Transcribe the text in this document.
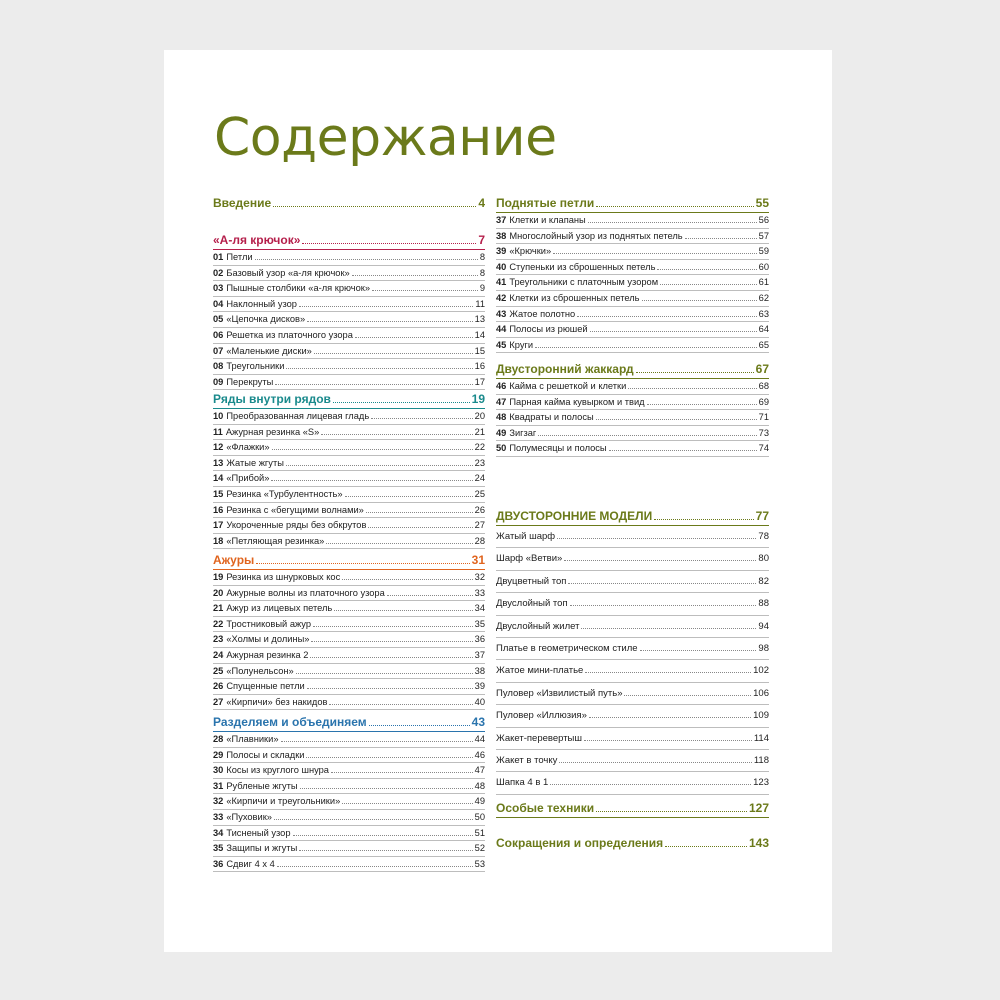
Содержание
Введение	4
«А-ля крючок»	7
01 Петли	8
02 Базовый узор «а-ля крючок»	8
03 Пышные столбики «а-ля крючок»	9
04 Наклонный узор	11
05 «Цепочка дисков»	13
06 Решетка из платочного узора	14
07 «Маленькие диски»	15
08 Треугольники	16
09 Перекруты	17
Ряды внутри рядов	19
10 Преобразованная лицевая гладь	20
11 Ажурная резинка «S»	21
12 «Флажки»	22
13 Жатые жгуты	23
14 «Прибой»	24
15 Резинка «Турбулентность»	25
16 Резинка с «бегущими волнами»	26
17 Укороченные ряды без обкрутов	27
18 «Петляющая резинка»	28
Ажуры	31
19 Резинка из шнурковых кос	32
20 Ажурные волны из платочного узора	33
21 Ажур из лицевых петель	34
22 Тростниковый ажур	35
23 «Холмы и долины»	36
24 Ажурная резинка 2	37
25 «Полунельсон»	38
26 Спущенные петли	39
27 «Кирпичи» без накидов	40
Разделяем и объединяем	43
28 «Плавники»	44
29 Полосы и складки	46
30 Косы из круглого шнура	47
31 Рубленые жгуты	48
32 «Кирпичи и треугольники»	49
33 «Пуховик»	50
34 Тисненый узор	51
35 Защипы и жгуты	52
36 Сдвиг 4 х 4	53
Поднятые петли	55
37 Клетки и клапаны	56
38 Многослойный узор из поднятых петель	57
39 «Крючки»	59
40 Ступеньки из сброшенных петель	60
41 Треугольники с платочным узором	61
42 Клетки из сброшенных петель	62
43 Жатое полотно	63
44 Полосы из рюшей	64
45 Круги	65
Двусторонний жаккард	67
46 Кайма с решеткой и клетки	68
47 Парная кайма кувырком и твид	69
48 Квадраты и полосы	71
49 Зигзаг	73
50 Полумесяцы и полосы	74
ДВУСТОРОННИЕ МОДЕЛИ	77
Жатый шарф	78
Шарф «Ветви»	80
Двуцветный топ	82
Двуслойный топ	88
Двуслойный жилет	94
Платье в геометрическом стиле	98
Жатое мини-платье	102
Пуловер «Извилистый путь»	106
Пуловер «Иллюзия»	109
Жакет-перевертыш	114
Жакет в точку	118
Шапка 4 в 1	123
Особые техники	127
Сокращения и определения	143
